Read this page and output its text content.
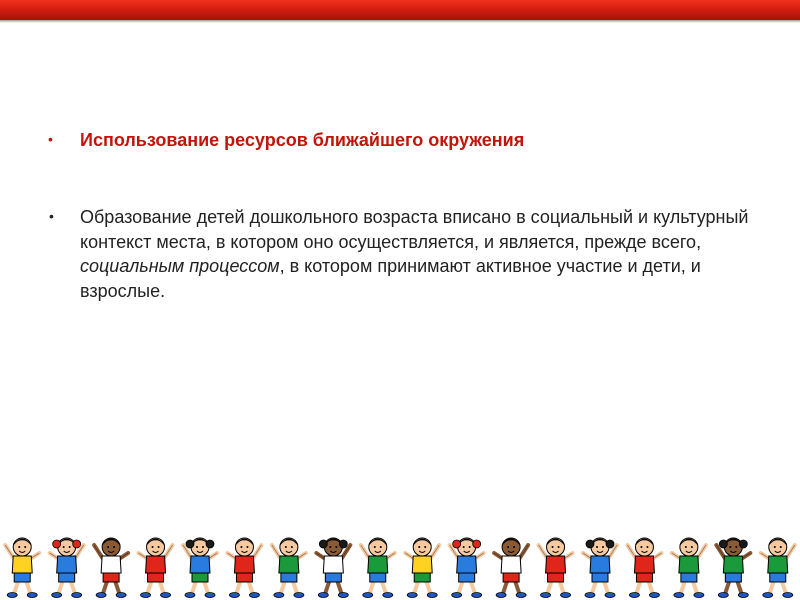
• Использование ресурсов ближайшего окружения
• Образование детей дошкольного возраста вписано в социальный и культурный контекст места, в котором оно осуществляется, и является, прежде всего, социальным процессом, в котором принимают активное участие и дети, и взрослые.
